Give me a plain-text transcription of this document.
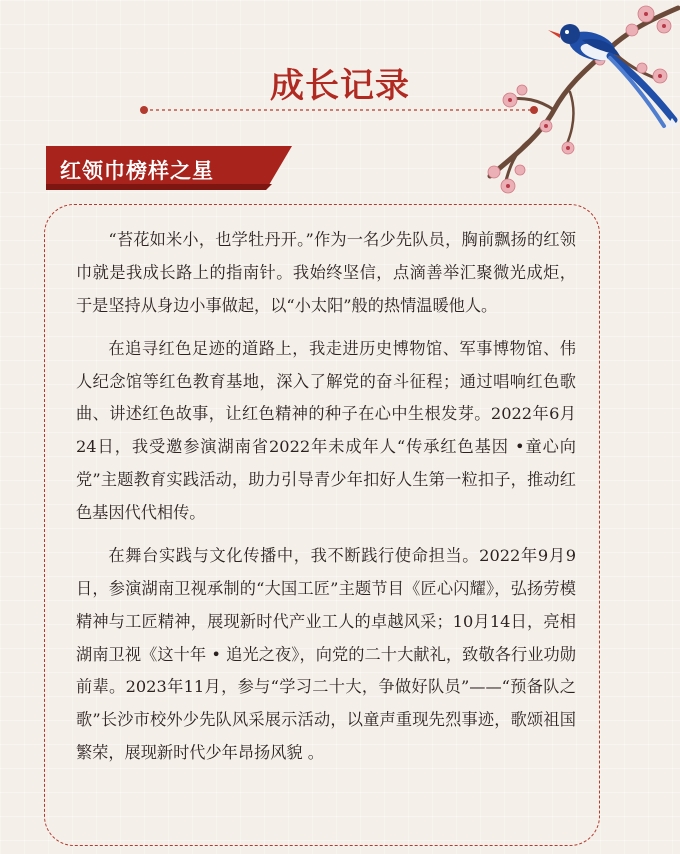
成长记录
红领巾榜样之星

“苔花如米小，也学牡丹开。”作为一名少先队员，胸前飘扬的红领巾就是我成长路上的指南针。我始终坚信，点滴善举汇聚微光成炬，于是坚持从身边小事做起，以“小太阳”般的热情温暖他人。

在追寻红色足迹的道路上，我走进历史博物馆、军事博物馆、伟人纪念馆等红色教育基地，深入了解党的奋斗征程；通过唱响红色歌曲、讲述红色故事，让红色精神的种子在心中生根发芽。2022年6月24日，我受邀参演湖南省2022年未成年人“传承红色基因 •童心向党”主题教育实践活动，助力引导青少年扣好人生第一粒扣子，推动红色基因代代相传。

在舞台实践与文化传播中，我不断践行使命担当。2022年9月9日，参演湖南卫视承制的“大国工匠”主题节目《匠心闪耀》，弘扬劳模精神与工匠精神，展现新时代产业工人的卓越风采；10月14日，亮相湖南卫视《这十年 • 追光之夜》，向党的二十大献礼，致敬各行业功勋前辈。2023年11月，参与“学习二十大，争做好队员”——“预备队之歌”长沙市校外少先队风采展示活动，以童声重现先烈事迹，歌颂祖国繁荣，展现新时代少年昂扬风貌 。
